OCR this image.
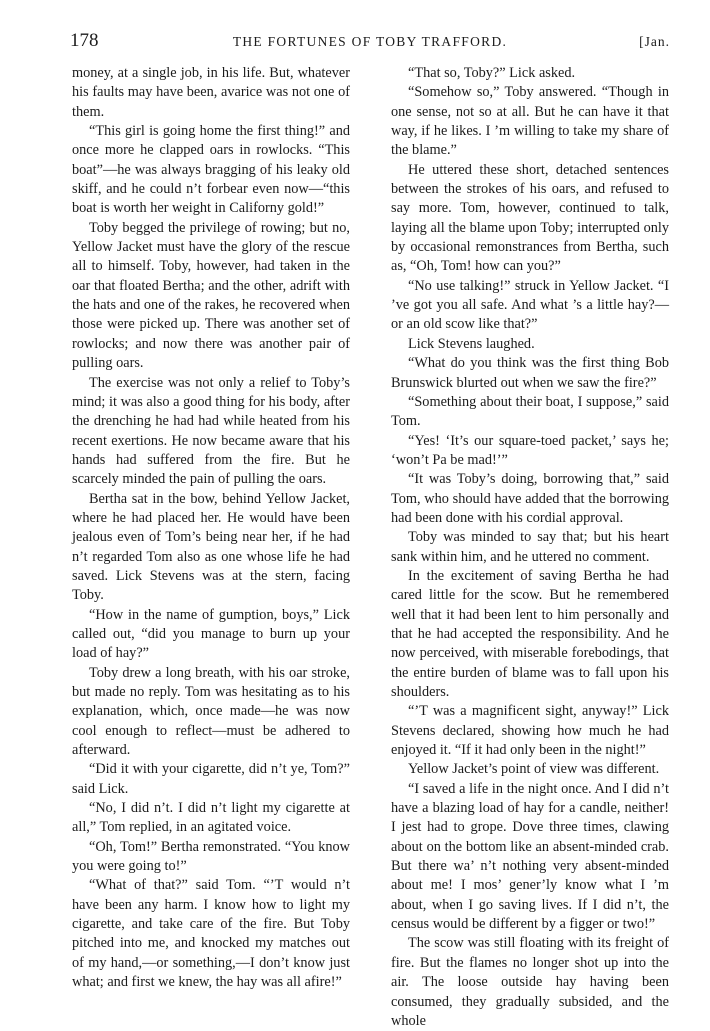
178	THE FORTUNES OF TOBY TRAFFORD.	[Jan.

money, at a single job, in his life. But, whatever his faults may have been, avarice was not one of them.

“This girl is going home the first thing!” and once more he clapped oars in rowlocks. “This boat”—he was always bragging of his leaky old skiff, and he could n’t forbear even now—“this boat is worth her weight in Californy gold!”

Toby begged the privilege of rowing; but no, Yellow Jacket must have the glory of the rescue all to himself. Toby, however, had taken in the oar that floated Bertha; and the other, adrift with the hats and one of the rakes, he recovered when those were picked up. There was another set of rowlocks; and now there was another pair of pulling oars.

The exercise was not only a relief to Toby’s mind; it was also a good thing for his body, after the drenching he had had while heated from his recent exertions. He now became aware that his hands had suffered from the fire. But he scarcely minded the pain of pulling the oars.

Bertha sat in the bow, behind Yellow Jacket, where he had placed her. He would have been jealous even of Tom’s being near her, if he had n’t regarded Tom also as one whose life he had saved. Lick Stevens was at the stern, facing Toby.

“How in the name of gumption, boys,” Lick called out, “did you manage to burn up your load of hay?”

Toby drew a long breath, with his oar stroke, but made no reply. Tom was hesitating as to his explanation, which, once made—he was now cool enough to reflect—must be adhered to afterward.

“Did it with your cigarette, did n’t ye, Tom?” said Lick.

“No, I did n’t. I did n’t light my cigarette at all,” Tom replied, in an agitated voice.

“Oh, Tom!” Bertha remonstrated. “You know you were going to!”

“What of that?” said Tom. “’T would n’t have been any harm. I know how to light my cigarette, and take care of the fire. But Toby pitched into me, and knocked my matches out of my hand,—or something,—I don’t know just what; and first we knew, the hay was all afire!”

“That so, Toby?” Lick asked.

“Somehow so,” Toby answered. “Though in one sense, not so at all. But he can have it that way, if he likes. I ’m willing to take my share of the blame.”

He uttered these short, detached sentences between the strokes of his oars, and refused to say more. Tom, however, continued to talk, laying all the blame upon Toby; interrupted only by occasional remonstrances from Bertha, such as, “Oh, Tom! how can you?”

“No use talking!” struck in Yellow Jacket. “I ’ve got you all safe. And what ’s a little hay?—or an old scow like that?”

Lick Stevens laughed.

“What do you think was the first thing Bob Brunswick blurted out when we saw the fire?”

“Something about their boat, I suppose,” said Tom.

“Yes! ‘It’s our square-toed packet,’ says he; ‘won’t Pa be mad!’”

“It was Toby’s doing, borrowing that,” said Tom, who should have added that the borrowing had been done with his cordial approval.

Toby was minded to say that; but his heart sank within him, and he uttered no comment.

In the excitement of saving Bertha he had cared little for the scow. But he remembered well that it had been lent to him personally and that he had accepted the responsibility. And he now perceived, with miserable forebodings, that the entire burden of blame was to fall upon his shoulders.

“’T was a magnificent sight, anyway!” Lick Stevens declared, showing how much he had enjoyed it. “If it had only been in the night!”

Yellow Jacket’s point of view was different.

“I saved a life in the night once. And I did n’t have a blazing load of hay for a candle, neither! I jest had to grope. Dove three times, clawing about on the bottom like an absent-minded crab. But there wa’ n’t nothing very absent-minded about me! I mos’ gener’ly know what I ’m about, when I go saving lives. If I did n’t, the census would be different by a figger or two!”

The scow was still floating with its freight of fire. But the flames no longer shot up into the air. The loose outside hay having been consumed, they gradually subsided, and the whole
